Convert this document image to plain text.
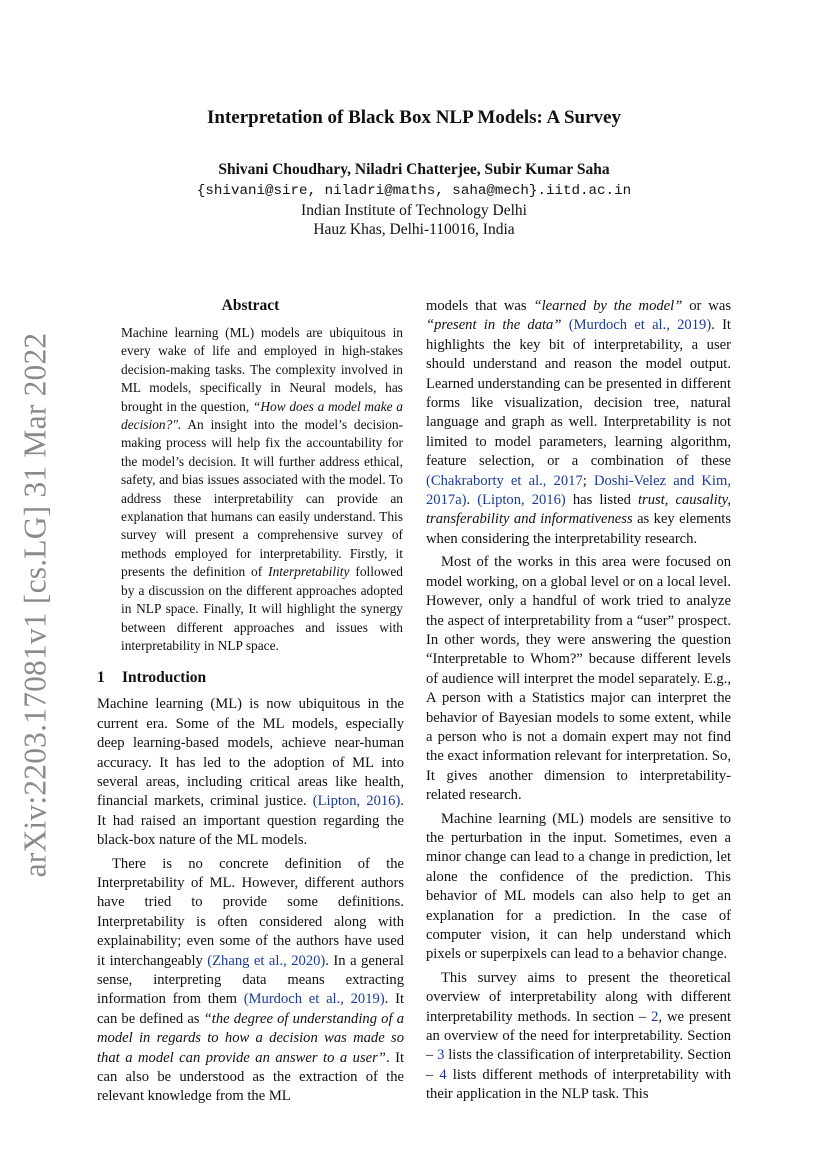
arXiv:2203.17081v1 [cs.LG] 31 Mar 2022
Interpretation of Black Box NLP Models: A Survey

Shivani Choudhary, Niladri Chatterjee, Subir Kumar Saha

{shivani@sire, niladri@maths, saha@mech}.iitd.ac.in

Indian Institute of Technology Delhi

Hauz Khas, Delhi-110016, India

Abstract

Machine learning (ML) models are ubiquitous in every wake of life and employed in high-stakes decision-making tasks. The complexity involved in ML models, specifically in Neural models, has brought in the question, “How does a model make a decision?". An insight into the model’s decision-making process will help fix the accountability for the model’s decision. It will further address ethical, safety, and bias issues associated with the model. To address these interpretability can provide an explanation that humans can easily understand. This survey will present a comprehensive survey of methods employed for interpretability. Firstly, it presents the definition of Interpretability followed by a discussion on the different approaches adopted in NLP space. Finally, It will highlight the synergy between different approaches and issues with interpretability in NLP space.

1 Introduction

Machine learning (ML) is now ubiquitous in the current era. Some of the ML models, especially deep learning-based models, achieve near-human accuracy. It has led to the adoption of ML into several areas, including critical areas like health, financial markets, criminal justice. (Lipton, 2016). It had raised an important question regarding the black-box nature of the ML models.

There is no concrete definition of the Interpretability of ML. However, different authors have tried to provide some definitions. Interpretability is often considered along with explainability; even some of the authors have used it interchangeably (Zhang et al., 2020). In a general sense, interpreting data means extracting information from them (Murdoch et al., 2019). It can be defined as “the degree of understanding of a model in regards to how a decision was made so that a model can provide an answer to a user”. It can also be understood as the extraction of the relevant knowledge from the ML

models that was “learned by the model” or was “present in the data” (Murdoch et al., 2019). It highlights the key bit of interpretability, a user should understand and reason the model output. Learned understanding can be presented in different forms like visualization, decision tree, natural language and graph as well. Interpretability is not limited to model parameters, learning algorithm, feature selection, or a combination of these (Chakraborty et al., 2017; Doshi-Velez and Kim, 2017a). (Lipton, 2016) has listed trust, causality, transferability and informativeness as key elements when considering the interpretability research.

Most of the works in this area were focused on model working, on a global level or on a local level. However, only a handful of work tried to analyze the aspect of interpretability from a “user” prospect. In other words, they were answering the question “Interpretable to Whom?” because different levels of audience will interpret the model separately. E.g., A person with a Statistics major can interpret the behavior of Bayesian models to some extent, while a person who is not a domain expert may not find the exact information relevant for interpretation. So, It gives another dimension to interpretability-related research.

Machine learning (ML) models are sensitive to the perturbation in the input. Sometimes, even a minor change can lead to a change in prediction, let alone the confidence of the prediction. This behavior of ML models can also help to get an explanation for a prediction. In the case of computer vision, it can help understand which pixels or superpixels can lead to a behavior change.

This survey aims to present the theoretical overview of interpretability along with different interpretability methods. In section – 2, we present an overview of the need for interpretability. Section – 3 lists the classification of interpretability. Section – 4 lists different methods of interpretability with their application in the NLP task. This
